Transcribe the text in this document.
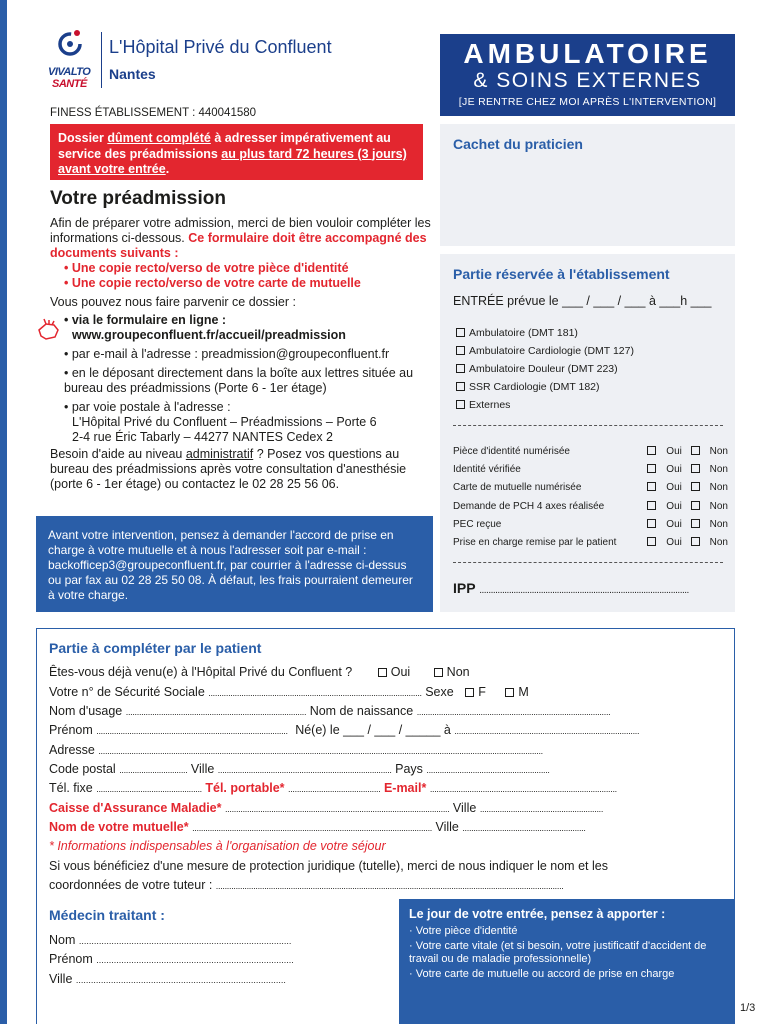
VIVALTO
SANTÉ
L'Hôpital Privé du Confluent
Nantes
FINESS ÉTABLISSEMENT : 440041580
AMBULATOIRE
& SOINS EXTERNES
[JE RENTRE CHEZ MOI APRÈS L'INTERVENTION]
Dossier dûment complété à adresser impérativement au service des préadmissions au plus tard 72 heures (3 jours) avant votre entrée.
Votre préadmission
Afin de préparer votre admission, merci de bien vouloir compléter les informations ci-dessous. Ce formulaire doit être accompagné des documents suivants :
• Une copie recto/verso de votre pièce d'identité
• Une copie recto/verso de votre carte de mutuelle
Vous pouvez nous faire parvenir ce dossier :
• via le formulaire en ligne :
www.groupeconfluent.fr/accueil/preadmission
• par e-mail à l'adresse : preadmission@groupeconfluent.fr
• en le déposant directement dans la boîte aux lettres située au bureau des préadmissions (Porte 6 - 1er étage)
• par voie postale à l'adresse :
L'Hôpital Privé du Confluent – Préadmissions – Porte 6
2-4 rue Éric Tabarly – 44277 NANTES Cedex 2
Besoin d'aide au niveau administratif ? Posez vos questions au bureau des préadmissions après votre consultation d'anesthésie (porte 6 - 1er étage) ou contactez le 02 28 25 56 06.
Avant votre intervention, pensez à demander l'accord de prise en charge à votre mutuelle et à nous l'adresser soit par e-mail : backofficep3@groupeconfluent.fr, par courrier à l'adresse ci-dessus ou par fax au 02 28 25 50 08. À défaut, les frais pourraient demeurer à votre charge.
Cachet du praticien
Partie réservée à l'établissement
ENTRÉE prévue le ___ / ___ / ___ à ___h ___
Ambulatoire (DMT 181)
Ambulatoire Cardiologie (DMT 127)
Ambulatoire Douleur (DMT 223)
SSR Cardiologie (DMT 182)
Externes
Pièce d'identité numérisée	Oui	Non
Identité vérifiée	Oui	Non
Carte de mutuelle numérisée	Oui	Non
Demande de PCH 4 axes réalisée	Oui	Non
PEC reçue	Oui	Non
Prise en charge remise par le patient	Oui	Non
IPP ............................................................................................
Partie à compléter par le patient
Êtes-vous déjà venu(e) à l'Hôpital Privé du Confluent ?	Oui	Non
Votre n° de Sécurité Sociale ................................................................................................. Sexe F	M
Nom d'usage .................................................................................. Nom de naissance ........................................................................................
Prénom ....................................................................................... Né(e) le ___ / ___ / _____ à ....................................................................................
Adresse ..........................................................................................................................................................................................................
Code postal ............................... Ville ............................................................................... Pays ........................................................
Tél. fixe ................................................ Tél. portable* .......................................... E-mail* .....................................................................................
Caisse d'Assurance Maladie* ...................................................................................................... Ville ........................................................
Nom de votre mutuelle* ............................................................................................................. Ville ........................................................
* Informations indispensables à l'organisation de votre séjour
Si vous bénéficiez d'une mesure de protection juridique (tutelle), merci de nous indiquer le nom et les
coordonnées de votre tuteur : ..............................................................................................................................................................
Médecin traitant :
Nom .....................................................................................
Prénom ...............................................................................
Ville ....................................................................................
Le jour de votre entrée, pensez à apporter :
· Votre pièce d'identité
· Votre carte vitale (et si besoin, votre justificatif d'accident de travail ou de maladie professionnelle)
· Votre carte de mutuelle ou accord de prise en charge
1/3
